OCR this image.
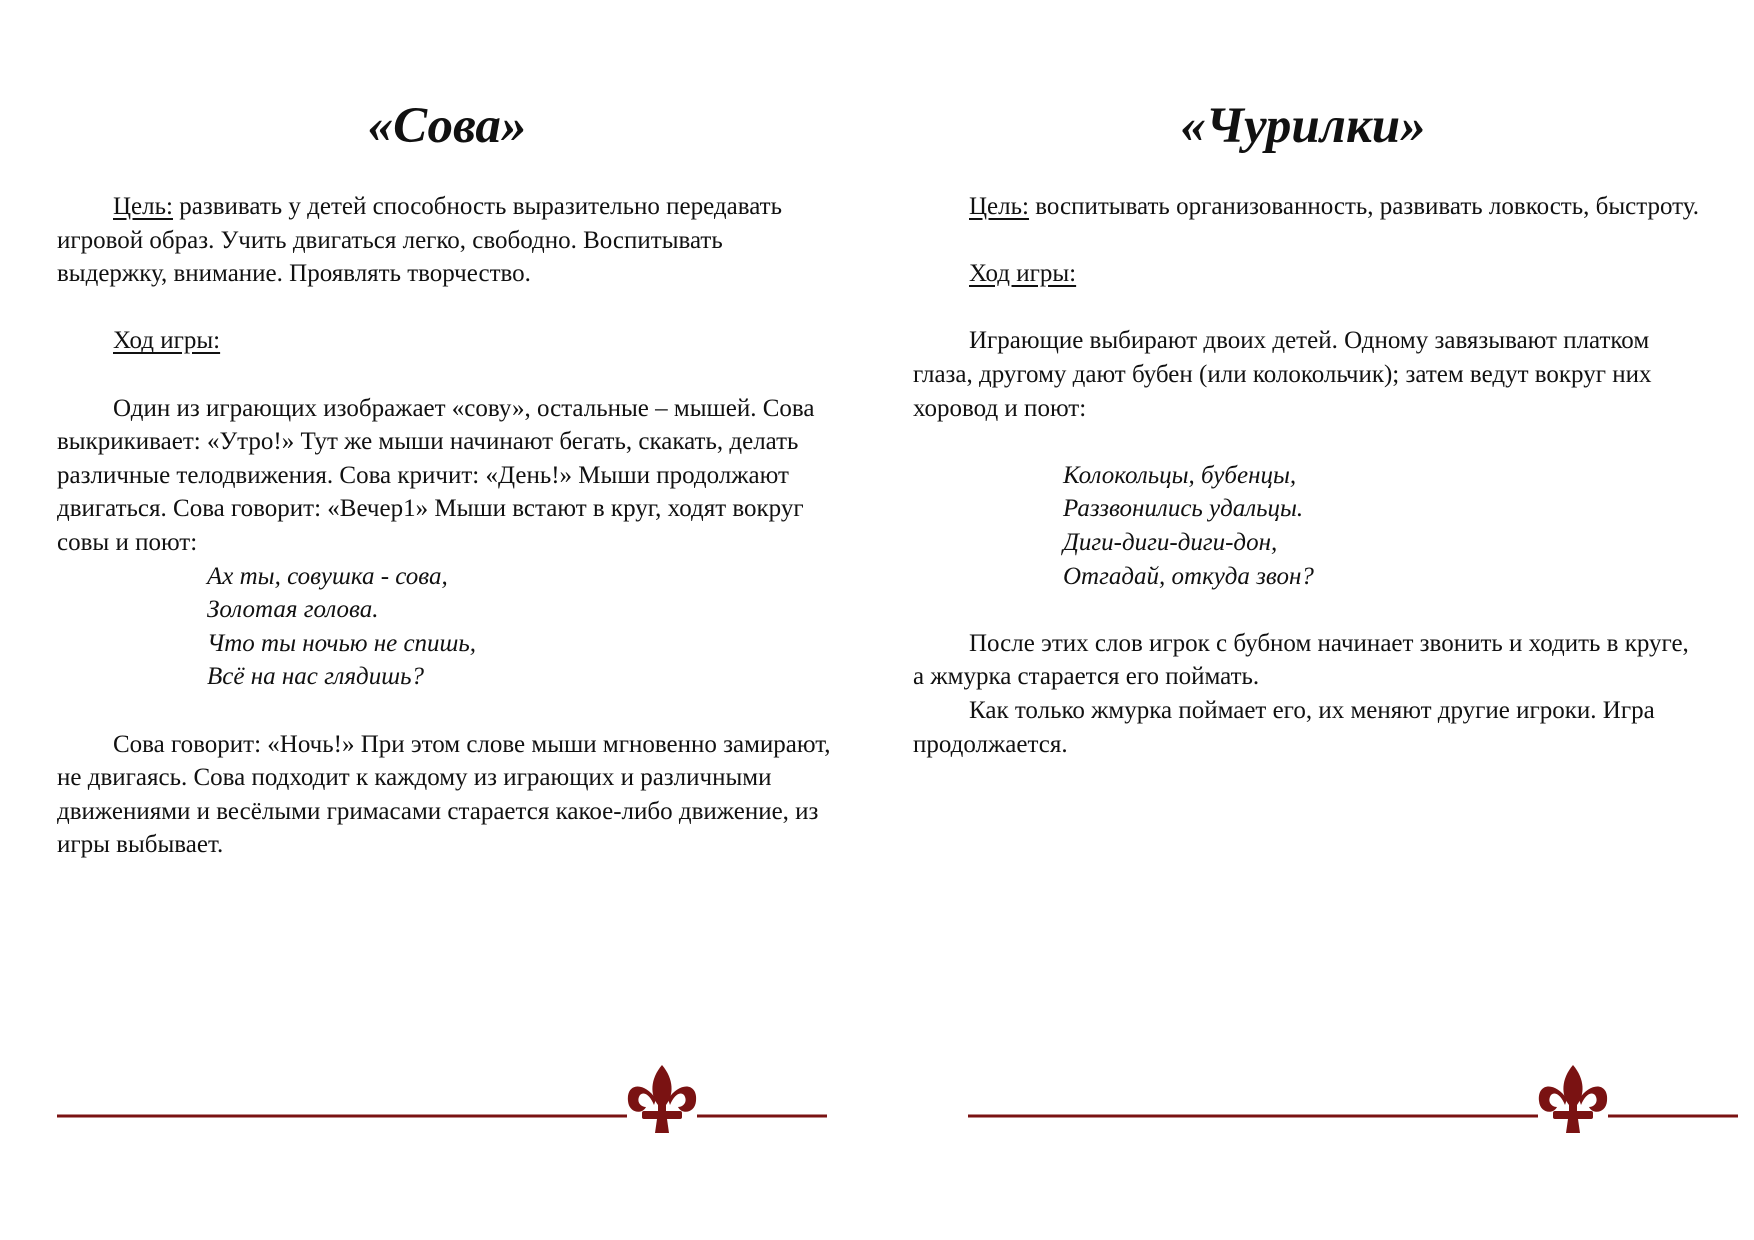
«Сова»

Цель: развивать у детей способность выразительно передавать игровой образ. Учить двигаться легко, свободно. Воспитывать выдержку, внимание. Проявлять творчество.

Ход игры:

Один из играющих изображает «сову», остальные – мышей. Сова выкрикивает: «Утро!» Тут же мыши начинают бегать, скакать, делать различные телодвижения. Сова кричит: «День!» Мыши продолжают двигаться. Сова говорит: «Вечер1» Мыши встают в круг, ходят вокруг совы и поют:

Ах ты, совушка - сова,

Золотая голова.

Что ты ночью не спишь,

Всё на нас глядишь?

Сова говорит: «Ночь!» При этом слове мыши мгновенно замирают, не двигаясь. Сова подходит к каждому из играющих и различными движениями и весёлыми гримасами старается какое-либо движение, из игры выбывает.

«Чурилки»

Цель: воспитывать организованность, развивать ловкость, быстроту.

Ход игры:

Играющие выбирают двоих детей. Одному завязывают платком глаза, другому дают бубен (или колокольчик); затем ведут вокруг них хоровод и поют:

Колокольцы, бубенцы,

Раззвонились удальцы.

Диги-диги-диги-дон,

Отгадай, откуда звон?

После этих слов игрок с бубном начинает звонить и ходить в круге, а жмурка старается его поймать.

Как только жмурка поймает его, их меняют другие игроки. Игра продолжается.
